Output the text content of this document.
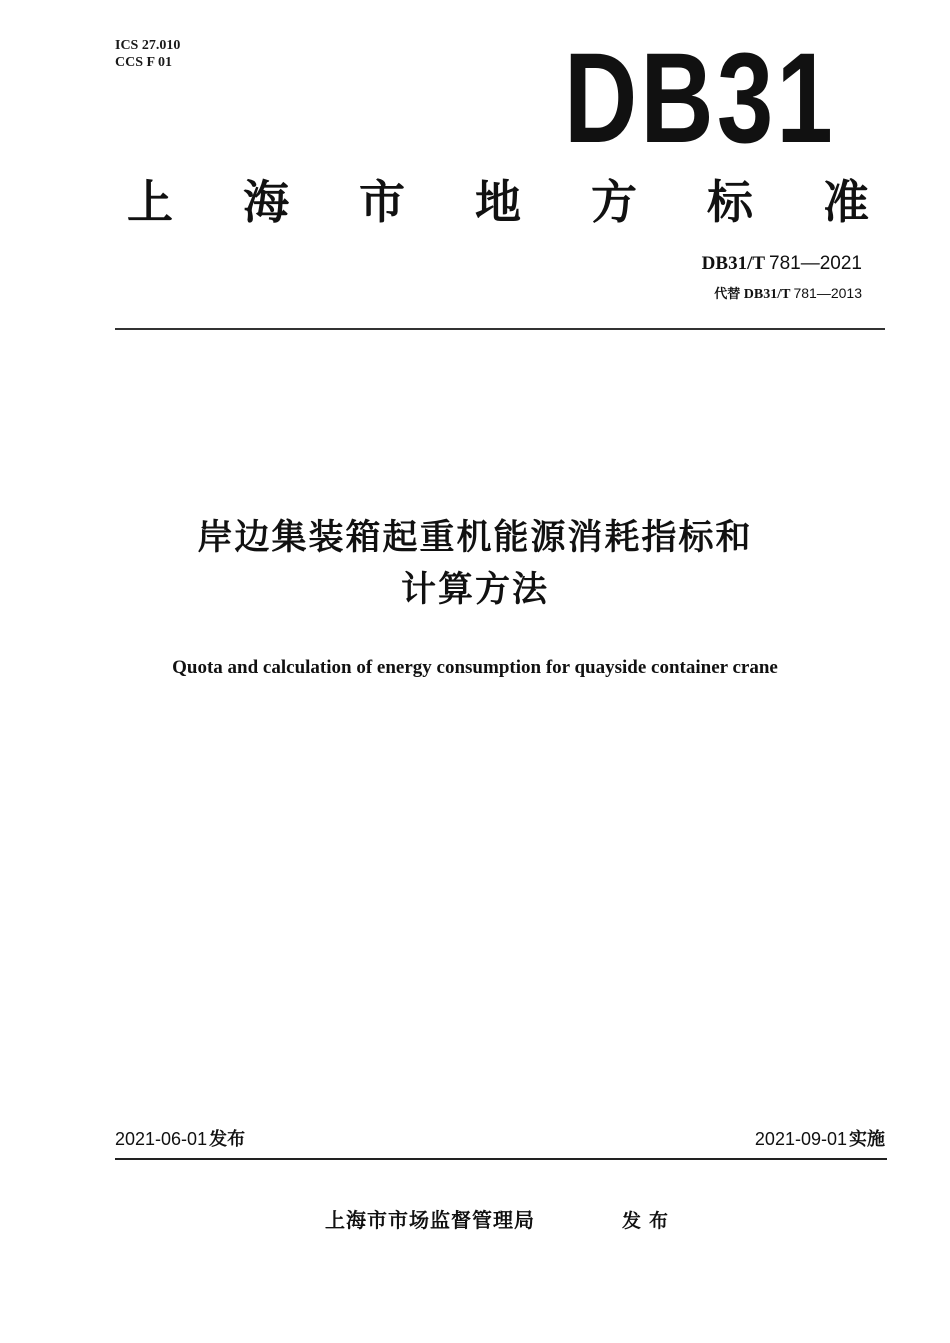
ICS 27.010
CCS F 01	DB31
上 海 市 地 方 标 准
DB31/T 781—2021
代替 DB31/T 781—2013
岸边集装箱起重机能源消耗指标和
计算方法
Quota and calculation of energy consumption for quayside container crane
2021-06-01 发布	2021-09-01 实施
上海市市场监督管理局	发布
